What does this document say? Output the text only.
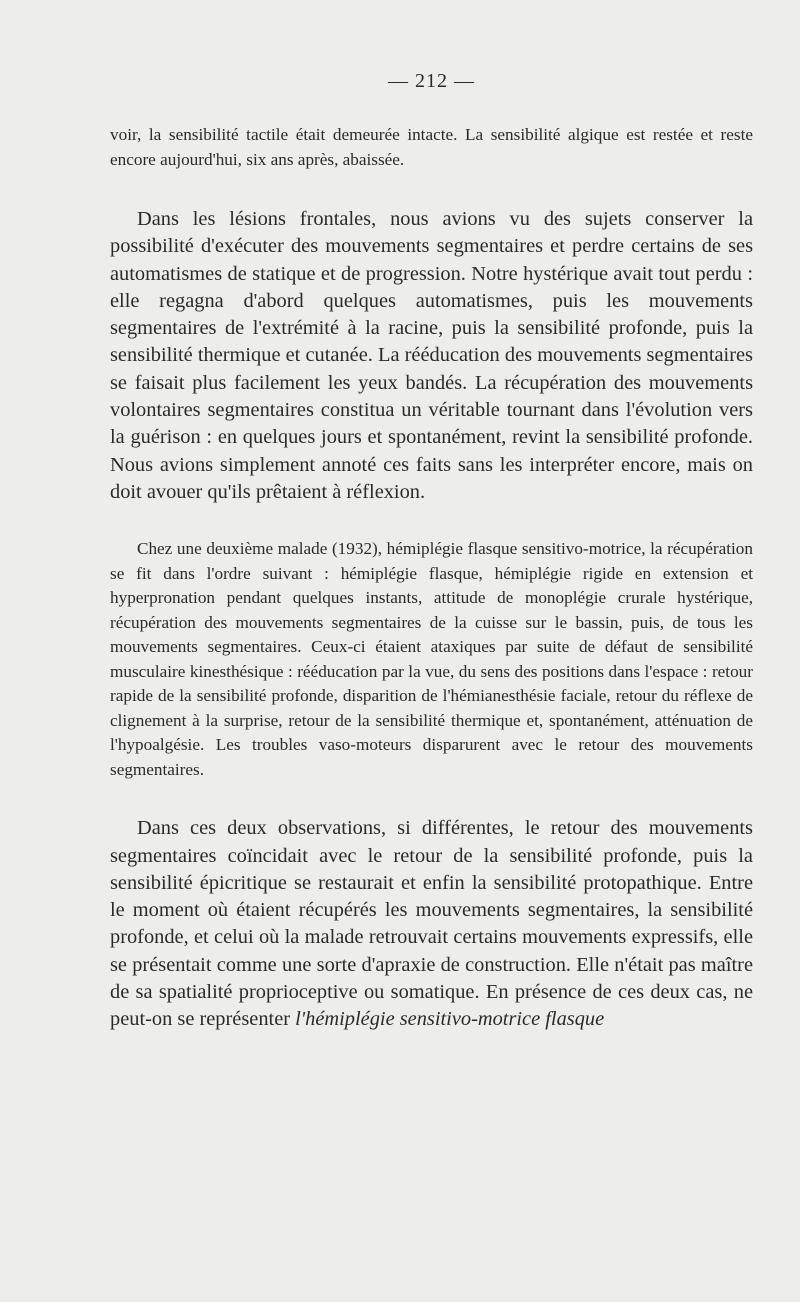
— 212 —

voir, la sensibilité tactile était demeurée intacte. La sensibilité algique est restée et reste encore aujourd'hui, six ans après, abaissée.

Dans les lésions frontales, nous avions vu des sujets conserver la possibilité d'exécuter des mouvements segmentaires et perdre certains de ses automatismes de statique et de progression. Notre hystérique avait tout perdu : elle regagna d'abord quelques automatismes, puis les mouvements segmentaires de l'extrémité à la racine, puis la sensibilité profonde, puis la sensibilité thermique et cutanée. La rééducation des mouvements segmentaires se faisait plus facilement les yeux bandés. La récupération des mouvements volontaires segmentaires constitua un véritable tournant dans l'évolution vers la guérison : en quelques jours et spontanément, revint la sensibilité profonde. Nous avions simplement annoté ces faits sans les interpréter encore, mais on doit avouer qu'ils prêtaient à réflexion.

Chez une deuxième malade (1932), hémiplégie flasque sensitivo-motrice, la récupération se fit dans l'ordre suivant : hémiplégie flasque, hémiplégie rigide en extension et hyperpronation pendant quelques instants, attitude de monoplégie crurale hystérique, récupération des mouvements segmentaires de la cuisse sur le bassin, puis, de tous les mouvements segmentaires. Ceux-ci étaient ataxiques par suite de défaut de sensibilité musculaire kinesthésique : rééducation par la vue, du sens des positions dans l'espace : retour rapide de la sensibilité profonde, disparition de l'hémianesthésie faciale, retour du réflexe de clignement à la surprise, retour de la sensibilité thermique et, spontanément, atténuation de l'hypoalgésie. Les troubles vaso-moteurs disparurent avec le retour des mouvements segmentaires.

Dans ces deux observations, si différentes, le retour des mouvements segmentaires coïncidait avec le retour de la sensibilité profonde, puis la sensibilité épicritique se restaurait et enfin la sensibilité protopathique. Entre le moment où étaient récupérés les mouvements segmentaires, la sensibilité profonde, et celui où la malade retrouvait certains mouvements expressifs, elle se présentait comme une sorte d'apraxie de construction. Elle n'était pas maître de sa spatialité proprioceptive ou somatique. En présence de ces deux cas, ne peut-on se représenter l'hémiplégie sensitivo-motrice flasque
